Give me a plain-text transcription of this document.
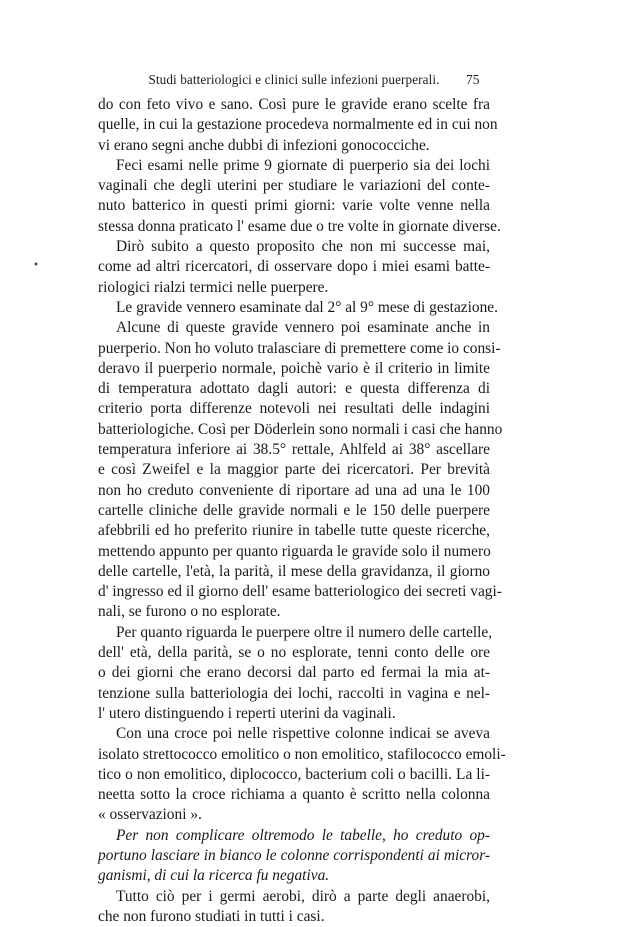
Studi batteriologici e clinici sulle infezioni puerperali.	75
•
do con feto vivo e sano. Così pure le gravide erano scelte fra
quelle, in cui la gestazione procedeva normalmente ed in cui non
vi erano segni anche dubbi di infezioni gonococciche.
Feci esami nelle prime 9 giornate di puerperio sia dei lochi
vaginali che degli uterini per studiare le variazioni del conte-
nuto batterico in questi primi giorni: varie volte venne nella
stessa donna praticato l' esame due o tre volte in giornate diverse.
Dirò subito a questo proposito che non mi successe mai,
come ad altri ricercatori, di osservare dopo i miei esami batte-
riologici rialzi termici nelle puerpere.
Le gravide vennero esaminate dal 2° al 9° mese di gestazione.
Alcune di queste gravide vennero poi esaminate anche in
puerperio. Non ho voluto tralasciare di premettere come io consi-
deravo il puerperio normale, poichè vario è il criterio in limite
di temperatura adottato dagli autori: e questa differenza di
criterio porta differenze notevoli nei resultati delle indagini
batteriologiche. Così per Döderlein sono normali i casi che hanno
temperatura inferiore ai 38.5° rettale, Ahlfeld ai 38° ascellare
e così Zweifel e la maggior parte dei ricercatori. Per brevità
non ho creduto conveniente di riportare ad una ad una le 100
cartelle cliniche delle gravide normali e le 150 delle puerpere
afebbrili ed ho preferito riunire in tabelle tutte queste ricerche,
mettendo appunto per quanto riguarda le gravide solo il numero
delle cartelle, l'età, la parità, il mese della gravidanza, il giorno
d' ingresso ed il giorno dell' esame batteriologico dei secreti vagi-
nali, se furono o no esplorate.
Per quanto riguarda le puerpere oltre il numero delle cartelle,
dell' età, della parità, se o no esplorate, tenni conto delle ore
o dei giorni che erano decorsi dal parto ed fermai la mia at-
tenzione sulla batteriologia dei lochi, raccolti in vagina e nel-
l' utero distinguendo i reperti uterini da vaginali.
Con una croce poi nelle rispettive colonne indicai se aveva
isolato strettococco emolitico o non emolitico, stafilococco emoli-
tico o non emolitico, diplococco, bacterium coli o bacilli. La li-
neetta sotto la croce richiama a quanto è scritto nella colonna
« osservazioni ».
Per non complicare oltremodo le tabelle, ho creduto op-
portuno lasciare in bianco le colonne corrispondenti ai micror-
ganismi, di cui la ricerca fu negativa.
Tutto ciò per i germi aerobi, dirò a parte degli anaerobi,
che non furono studiati in tutti i casi.
